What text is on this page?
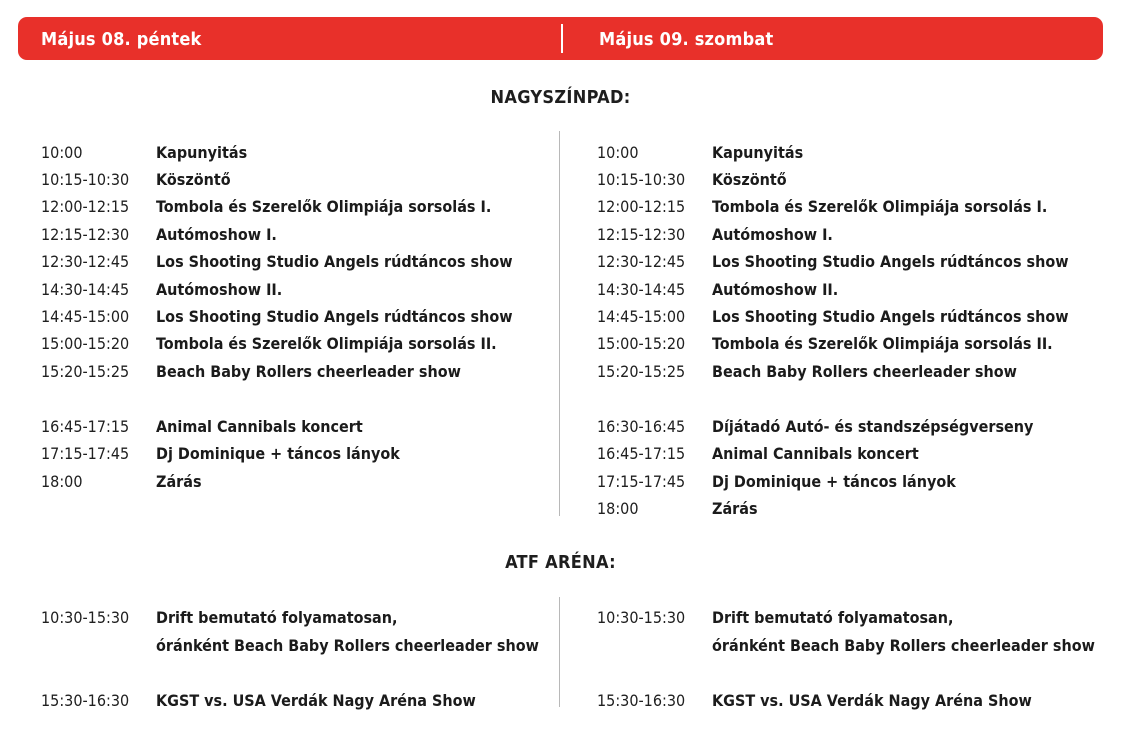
Május 08. péntek	Május 09. szombat
NAGYSZÍNPAD:
10:00	Kapunyitás
10:15-10:30 Köszöntő
12:00-12:15 Tombola és Szerelők Olimpiája sorsolás I.
12:15-12:30 Autómoshow I.
12:30-12:45 Los Shooting Studio Angels rúdtáncos show
14:30-14:45 Autómoshow II.
14:45-15:00 Los Shooting Studio Angels rúdtáncos show
15:00-15:20 Tombola és Szerelők Olimpiája sorsolás II.
15:20-15:25 Beach Baby Rollers cheerleader show
16:45-17:15 Animal Cannibals koncert
17:15-17:45 Dj Dominique + táncos lányok
18:00	Zárás
10:00	Kapunyitás
10:15-10:30 Köszöntő
12:00-12:15 Tombola és Szerelők Olimpiája sorsolás I.
12:15-12:30 Autómoshow I.
12:30-12:45 Los Shooting Studio Angels rúdtáncos show
14:30-14:45 Autómoshow II.
14:45-15:00 Los Shooting Studio Angels rúdtáncos show
15:00-15:20 Tombola és Szerelők Olimpiája sorsolás II.
15:20-15:25 Beach Baby Rollers cheerleader show
16:30-16:45 Díjátadó Autó- és standszépségverseny
16:45-17:15 Animal Cannibals koncert
17:15-17:45 Dj Dominique + táncos lányok
18:00	Zárás
ATF ARÉNA:
10:30-15:30 Drift bemutató folyamatosan,
óránként Beach Baby Rollers cheerleader show
15:30-16:30 KGST vs. USA Verdák Nagy Aréna Show
10:30-15:30 Drift bemutató folyamatosan,
óránként Beach Baby Rollers cheerleader show
15:30-16:30 KGST vs. USA Verdák Nagy Aréna Show
